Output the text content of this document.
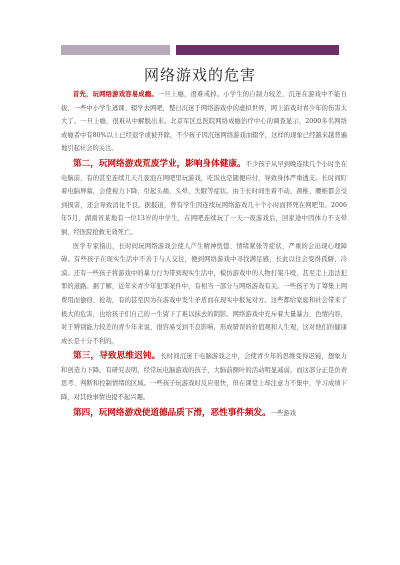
网络游戏的危害

首先，玩网络游戏容易成瘾。一旦上瘾，很难戒掉。小学生的自制力较差，沉迷在游戏中不能自拔，一些中小学生逃课、辍学去网吧，整日沉迷于网络游戏中的虚拟世界，网上游戏对青少年的伤害太大了。一旦上瘾，很难从中解脱出来。北京军区总医院网络成瘾治疗中心的调查显示，2000多名网络成瘾者中有80%以上已经退学或被开除，不少孩子因沉迷网络游戏而辍学，这样的现象已经越来越普遍地引起社会的关注。

第二，玩网络游戏荒废学业，影响身体健康。不少孩子从早到晚连续几个小时坐在电脑前，有的甚至连续几天几夜泡在网吧里玩游戏，吃饭也是随便应付，导致身体严重透支。长时间盯着电脑屏幕，会使视力下降，引起头痛、头晕、失眠等症状。由于长时间坐着不动，颈椎、腰椎都会受到损害，还会导致消化不良。据报道，曾有学生因连续玩网络游戏几十个小时而猝死在网吧里。2006年5月，湖南省某地有一位13岁的中学生，在网吧连续玩了一天一夜游戏后，回家途中因体力不支晕倒，经医院抢救无效死亡。

医学专家指出，长时间玩网络游戏会使人产生精神恍惚、情绪紧张等症状，严重的会出现心理障碍。有些孩子在现实生活中不善于与人交往，便到网络游戏中寻找满足感，长此以往会变得孤僻、冷漠。还有一些孩子将游戏中的暴力行为带到现实生活中，模仿游戏中的人物打架斗殴，甚至走上违法犯罪的道路。据了解，近年来青少年犯罪案件中，有相当一部分与网络游戏有关。一些孩子为了筹集上网费用而偷窃、抢劫，有的甚至因为在游戏中发生矛盾而在现实中报复对方。这些都给家庭和社会带来了极大的危害，也给孩子们自己的一生留下了难以抹去的阴影。网络游戏中充斥着大量暴力、色情内容，对于辨别能力较差的青少年来说，很容易受到不良影响，形成错误的价值观和人生观，这对他们的健康成长是十分不利的。

第三，导致思维迟钝。长时间沉迷于电脑游戏之中，会使青少年的思维变得迟钝，想象力和创造力下降。有研究表明，经常玩电脑游戏的孩子，大脑前额叶的活动明显减弱，而这部分正是负责思考、判断和控制情绪的区域。一些孩子玩游戏时反应很快，但在课堂上却注意力不集中，学习成绩下降，对其他事情也提不起兴趣。

第四，玩网络游戏使道德品质下滑，恶性事件频发。一些游戏
